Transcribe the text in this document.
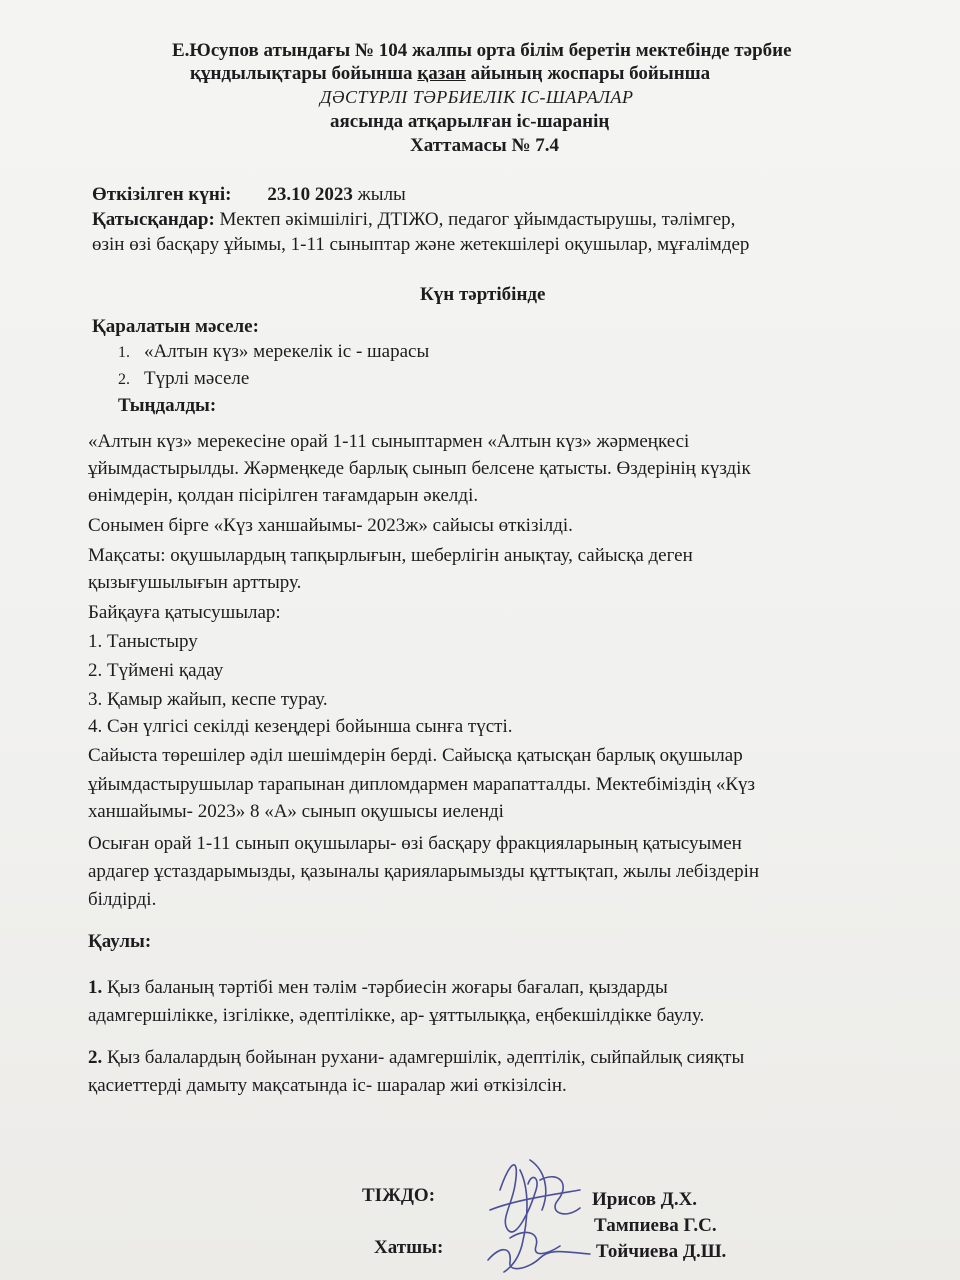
Е.Юсупов атындағы № 104 жалпы орта білім беретін мектебінде тәрбие
құндылықтары бойынша қазан айының жоспары бойынша
ДӘСТҮРЛІ ТӘРБИЕЛІК ІС-ШАРАЛАР
аясында атқарылған іс-шаранің
Хаттамасы № 7.4
Өткізілген күні: 23.10 2023 жылы
Қатысқандар: Мектеп әкімшілігі, ДТІЖО, педагог ұйымдастырушы, тәлімгер,
өзін өзі басқару ұйымы, 1-11 сыныптар және жетекшілері оқушылар, мұғалімдер
Күн тәртібінде
Қаралатын мәселе:
1. «Алтын күз» мерекелік іс - шарасы
2. Түрлі мәселе
Тыңдалды:
«Алтын күз» мерекесіне орай 1-11 сыныптармен «Алтын күз» жәрмеңкесі
ұйымдастырылды. Жәрмеңкеде барлық сынып белсене қатысты. Өздерінің күздік
өнімдерін, қолдан пісірілген тағамдарын әкелді.
Сонымен бірге «Күз ханшайымы- 2023ж» сайысы өткізілді.
Мақсаты: оқушылардың тапқырлығын, шеберлігін анықтау, сайысқа деген
қызығушылығын арттыру.
Байқауға қатысушылар:
1. Таныстыру
2. Түймені қадау
3. Қамыр жайып, кеспе турау.
4. Сән үлгісі секілді кезеңдері бойынша сынға түсті.
Сайыста төрешілер әділ шешімдерін берді. Сайысқа қатысқан барлық оқушылар
ұйымдастырушылар тарапынан дипломдармен марапатталды. Мектебіміздің «Күз
ханшайымы- 2023» 8 «А» сынып оқушысы иеленді
Осыған орай 1-11 сынып оқушылары- өзі басқару фракцияларының қатысуымен
ардагер ұстаздарымызды, қазыналы қарияларымызды құттықтап, жылы лебіздерін
білдірді.
Қаулы:
1. Қыз баланың тәртібі мен тәлім -тәрбиесін жоғары бағалап, қыздарды
адамгершілікке, ізгілікке, әдептілікке, ар- ұяттылыққа, еңбекшілдікке баулу.
2. Қыз балалардың бойынан рухани- адамгершілік, әдептілік, сыйпайлық сияқты
қасиеттерді дамыту мақсатында іс- шаралар жиі өткізілсін.
ТІЖДО:
Хатшы:
Ирисов Д.Х.
Тампиева Г.С.
Тойчиева Д.Ш.
